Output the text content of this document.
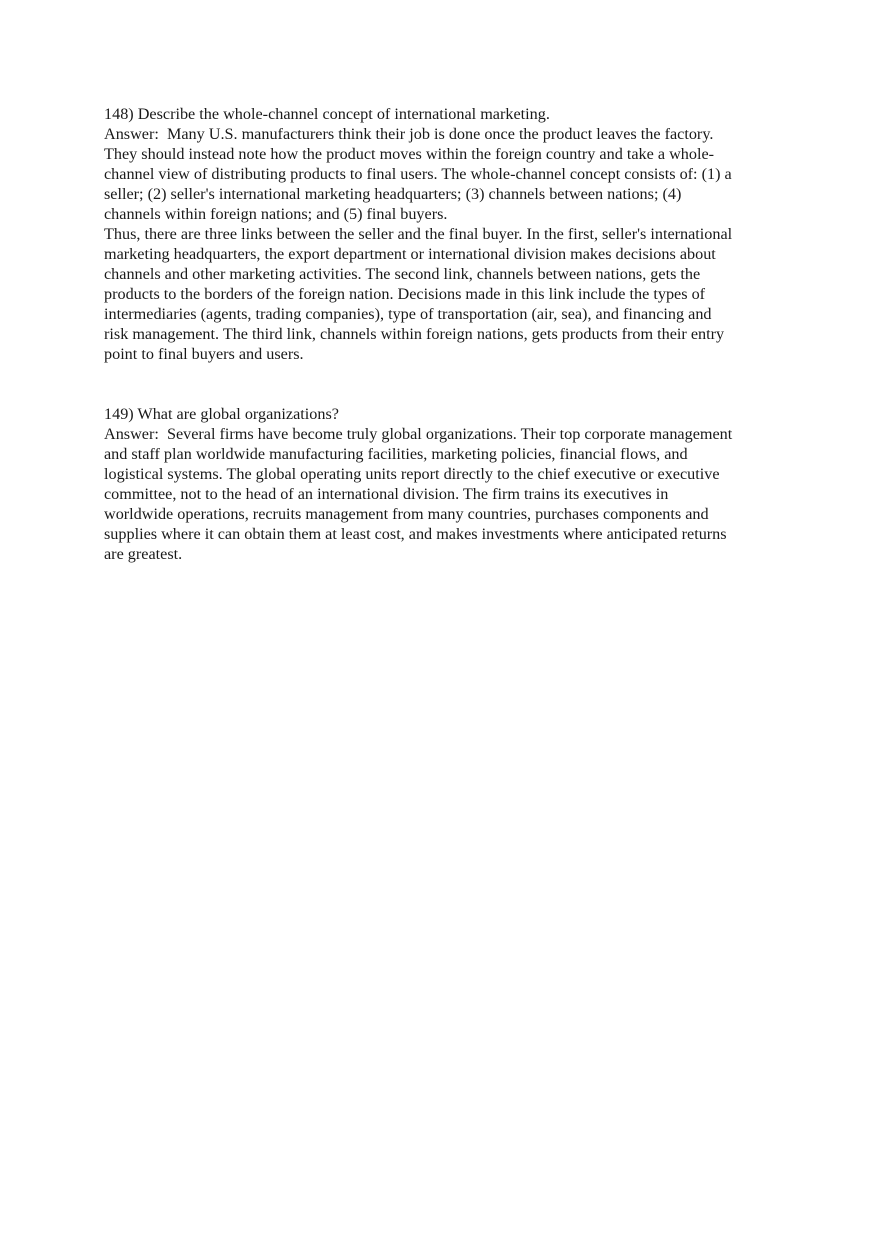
148) Describe the whole-channel concept of international marketing.

Answer:  Many U.S. manufacturers think their job is done once the product leaves the factory.

They should instead note how the product moves within the foreign country and take a whole-

channel view of distributing products to final users. The whole-channel concept consists of: (1) a

seller; (2) seller's international marketing headquarters; (3) channels between nations; (4)

channels within foreign nations; and (5) final buyers.

Thus, there are three links between the seller and the final buyer. In the first, seller's international

marketing headquarters, the export department or international division makes decisions about

channels and other marketing activities. The second link, channels between nations, gets the

products to the borders of the foreign nation. Decisions made in this link include the types of

intermediaries (agents, trading companies), type of transportation (air, sea), and financing and

risk management. The third link, channels within foreign nations, gets products from their entry

point to final buyers and users.

149) What are global organizations?

Answer:  Several firms have become truly global organizations. Their top corporate management

and staff plan worldwide manufacturing facilities, marketing policies, financial flows, and

logistical systems. The global operating units report directly to the chief executive or executive

committee, not to the head of an international division. The firm trains its executives in

worldwide operations, recruits management from many countries, purchases components and

supplies where it can obtain them at least cost, and makes investments where anticipated returns

are greatest.
